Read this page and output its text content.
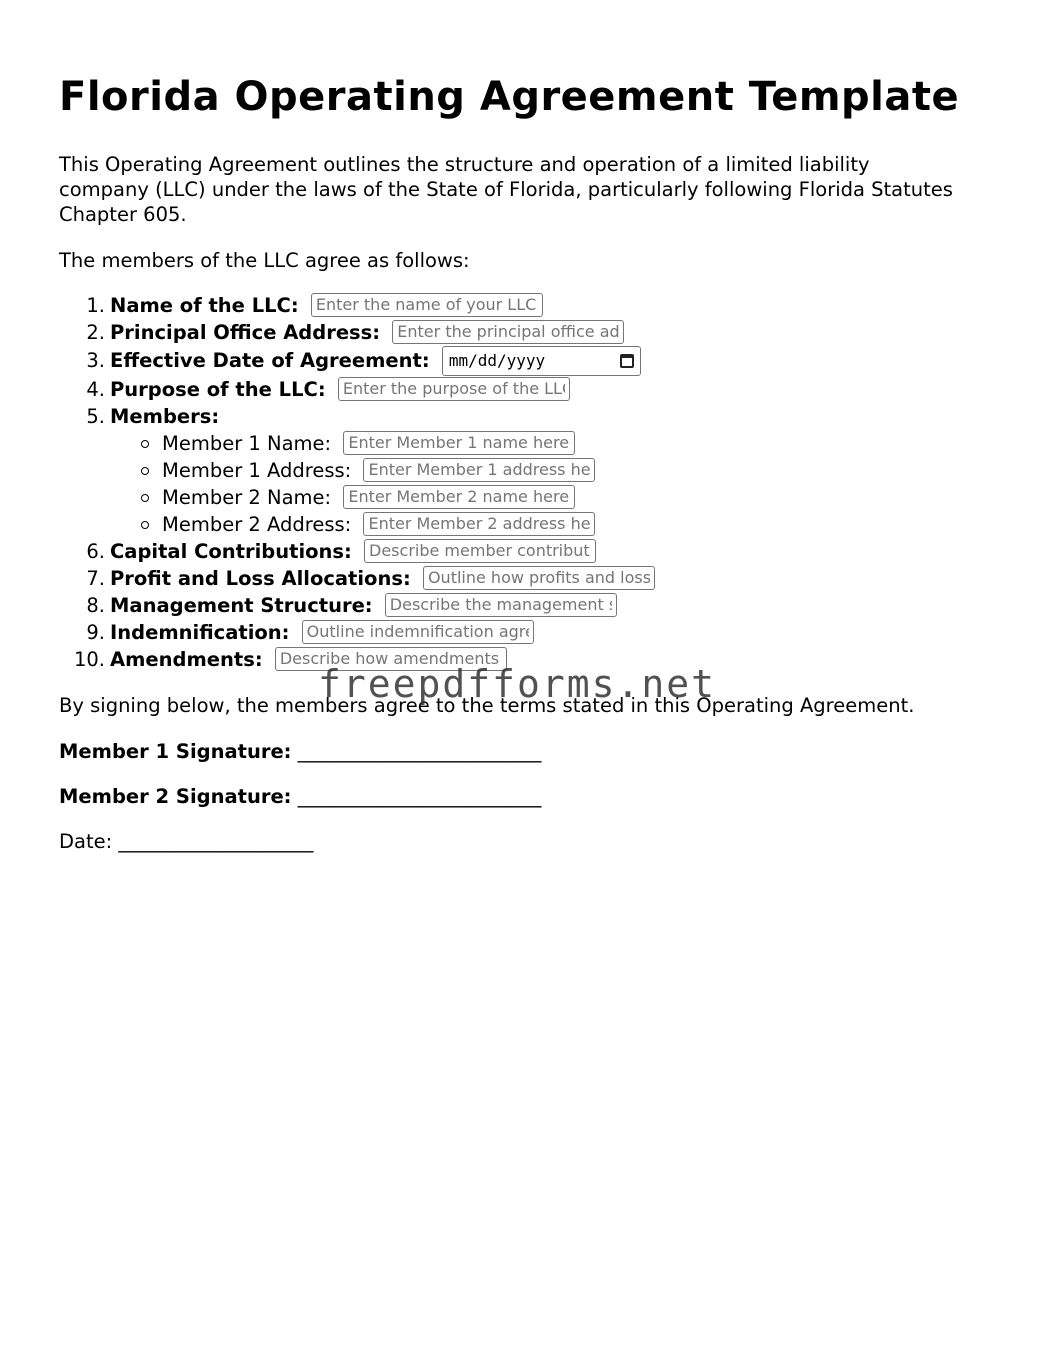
Florida Operating Agreement Template

This Operating Agreement outlines the structure and operation of a limited liability company (LLC) under the laws of the State of Florida, particularly following Florida Statutes Chapter 605.

The members of the LLC agree as follows:

1. Name of the LLC: Enter the name of your LLC
2. Principal Office Address: Enter the principal office address
3. Effective Date of Agreement: mm/dd/yyyy
4. Purpose of the LLC: Enter the purpose of the LLC
5. Members:
Member 1 Name: Enter Member 1 name here
Member 1 Address: Enter Member 1 address here
Member 2 Name: Enter Member 2 name here
Member 2 Address: Enter Member 2 address here
6. Capital Contributions: Describe member contributions
7. Profit and Loss Allocations: Outline how profits and losses
8. Management Structure: Describe the management structure
9. Indemnification: Outline indemnification agreements
10. Amendments: Describe how amendments

By signing below, the members agree to the terms stated in this Operating Agreement.

Member 1 Signature: _________________________

Member 2 Signature: _________________________

Date: ____________________

freepdfforms.net
